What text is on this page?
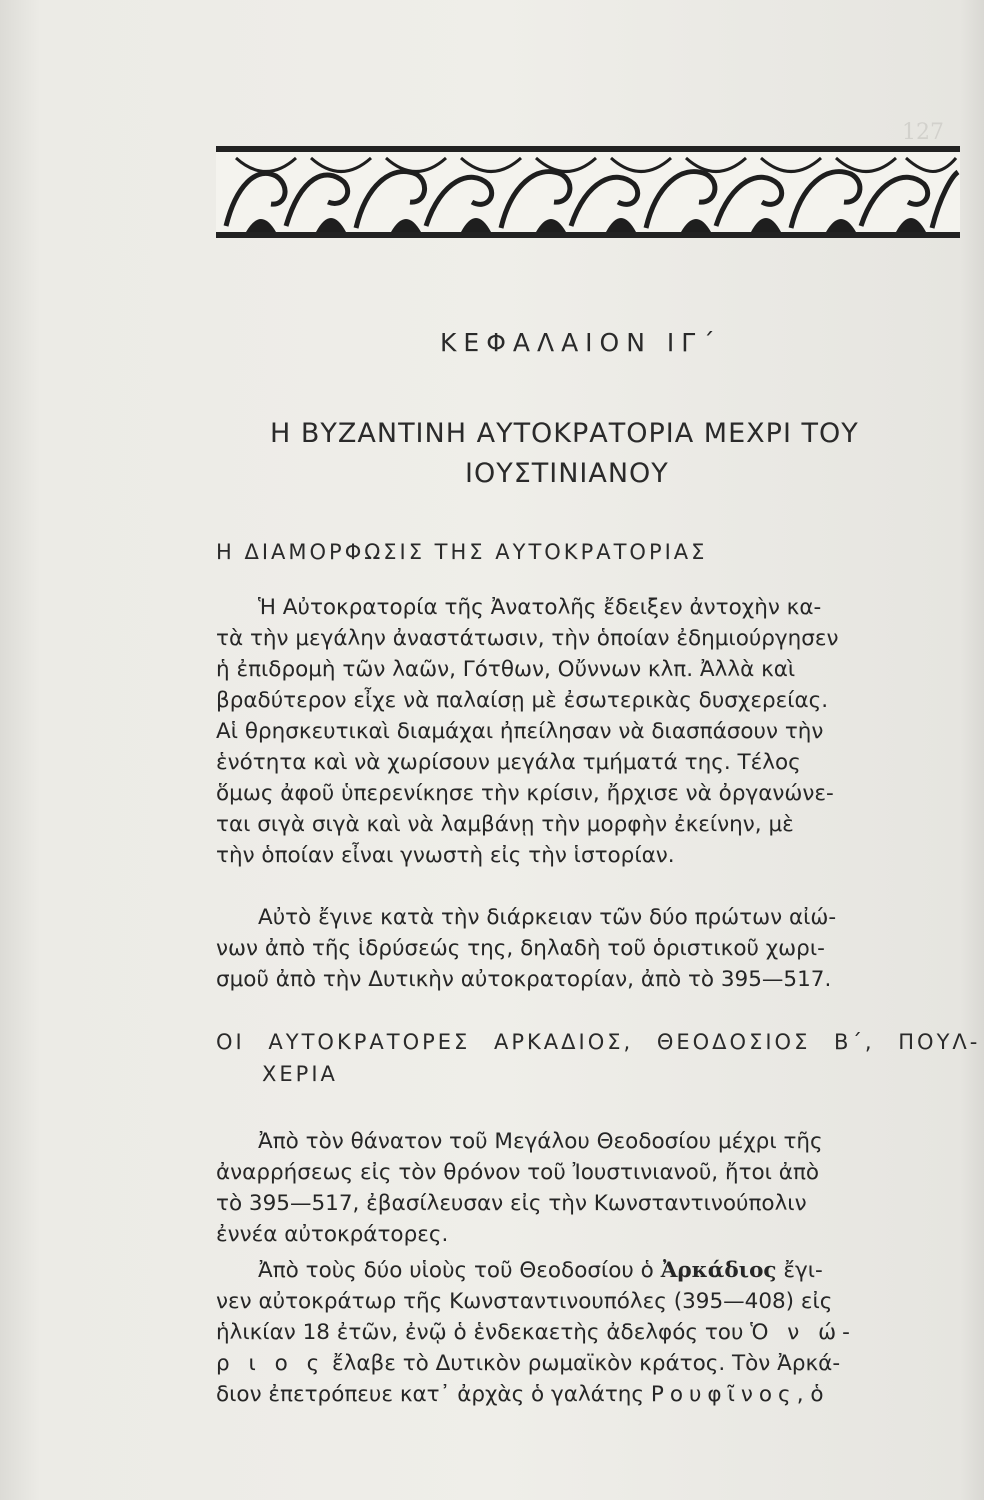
127
ΚΕΦΑΛΑΙΟΝ ΙΓ΄
Η ΒΥΖΑΝΤΙΝΗ ΑΥΤΟΚΡΑΤΟΡΙΑ ΜΕΧΡΙ ΤΟΥ
ΙΟΥΣΤΙΝΙΑΝΟΥ
Η ΔΙΑΜΟΡΦΩΣΙΣ ΤΗΣ ΑΥΤΟΚΡΑΤΟΡΙΑΣ
Ἡ Αὐτοκρατορία τῆς Ἀνατολῆς ἔδειξεν ἀντοχὴν κα-
τὰ τὴν μεγάλην ἀναστάτωσιν, τὴν ὁποίαν ἐδημιούργησεν
ἡ ἐπιδρομὴ τῶν λαῶν, Γότθων, Οὔννων κλπ. Ἀλλὰ καὶ
βραδύτερον εἶχε νὰ παλαίσῃ μὲ ἐσωτερικὰς δυσχερείας.
Αἱ θρησκευτικαὶ διαμάχαι ἠπείλησαν νὰ διασπάσουν τὴν
ἑνότητα καὶ νὰ χωρίσουν μεγάλα τμήματά της. Τέλος
ὅμως ἀφοῦ ὑπερενίκησε τὴν κρίσιν, ἤρχισε νὰ ὀργανώνε-
ται σιγὰ σιγὰ καὶ νὰ λαμβάνῃ τὴν μορφὴν ἐκείνην, μὲ
τὴν ὁποίαν εἶναι γνωστὴ εἰς τὴν ἱστορίαν.
Αὐτὸ ἔγινε κατὰ τὴν διάρκειαν τῶν δύο πρώτων αἰώ-
νων ἀπὸ τῆς ἱδρύσεώς της, δηλαδὴ τοῦ ὁριστικοῦ χωρι-
σμοῦ ἀπὸ τὴν Δυτικὴν αὐτοκρατορίαν, ἀπὸ τὸ 395—517.
ΟΙ ΑΥΤΟΚΡΑΤΟΡΕΣ ΑΡΚΑΔΙΟΣ, ΘΕΟΔΟΣΙΟΣ Β΄, ΠΟΥΛ-
ΧΕΡΙΑ
Ἀπὸ τὸν θάνατον τοῦ Μεγάλου Θεοδοσίου μέχρι τῆς
ἀναρρήσεως εἰς τὸν θρόνον τοῦ Ἰουστινιανοῦ, ἤτοι ἀπὸ
τὸ 395—517, ἐβασίλευσαν εἰς τὴν Κωνσταντινούπολιν
ἐννέα αὐτοκράτορες.
Ἀπὸ τοὺς δύο υἱοὺς τοῦ Θεοδοσίου ὁ Ἀρκάδιος ἔγι-
νεν αὐτοκράτωρ τῆς Κωνσταντινουπόλες (395—408) εἰς
ἡλικίαν 18 ἐτῶν, ἐνῷ ὁ ἑνδεκαετὴς ἀδελφός του Ὁ ν ώ-
ρ ι ο ς ἔλαβε τὸ Δυτικὸν ρωμαϊκὸν κράτος. Τὸν Ἀρκά-
διον ἐπετρόπευε κατ᾽ ἀρχὰς ὁ γαλάτης Ρουφῖνος, ὁ
